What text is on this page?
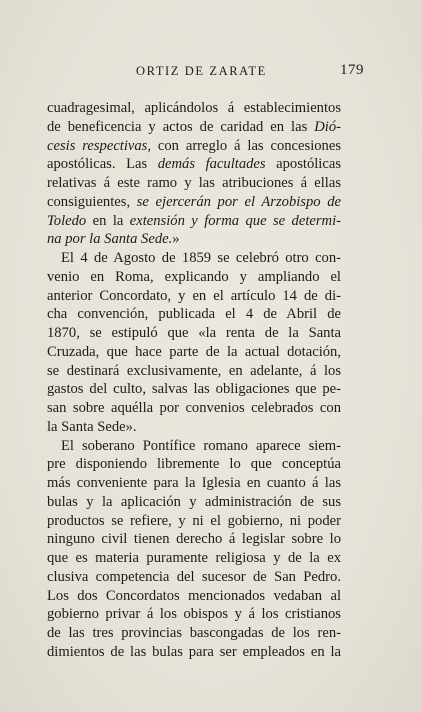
ORTIZ DE ZARATE	179
cuadragesimal, aplicándolos á establecimientos
de beneficencia y actos de caridad en las Dió-
cesis respectivas, con arreglo á las concesiones
apostólicas. Las demás facultades apostólicas
relativas á este ramo y las atribuciones á ellas
consiguientes, se ejercerán por el Arzobispo de
Toledo en la extensión y forma que se determi-
na por la Santa Sede.»
El 4 de Agosto de 1859 se celebró otro con-
venio en Roma, explicando y ampliando el
anterior Concordato, y en el artículo 14 de di-
cha convención, publicada el 4 de Abril de
1870, se estipuló que «la renta de la Santa
Cruzada, que hace parte de la actual dotación,
se destinará exclusivamente, en adelante, á los
gastos del culto, salvas las obligaciones que pe-
san sobre aquélla por convenios celebrados con
la Santa Sede».
El soberano Pontífice romano aparece siem-
pre disponiendo libremente lo que conceptúa
más conveniente para la Iglesia en cuanto á las
bulas y la aplicación y administración de sus
productos se refiere, y ni el gobierno, ni poder
ninguno civil tienen derecho á legislar sobre lo
que es materia puramente religiosa y de la ex
clusiva competencia del sucesor de San Pedro.
Los dos Concordatos mencionados vedaban al
gobierno privar á los obispos y á los cristianos
de las tres provincias bascongadas de los ren-
dimientos de las bulas para ser empleados en la
